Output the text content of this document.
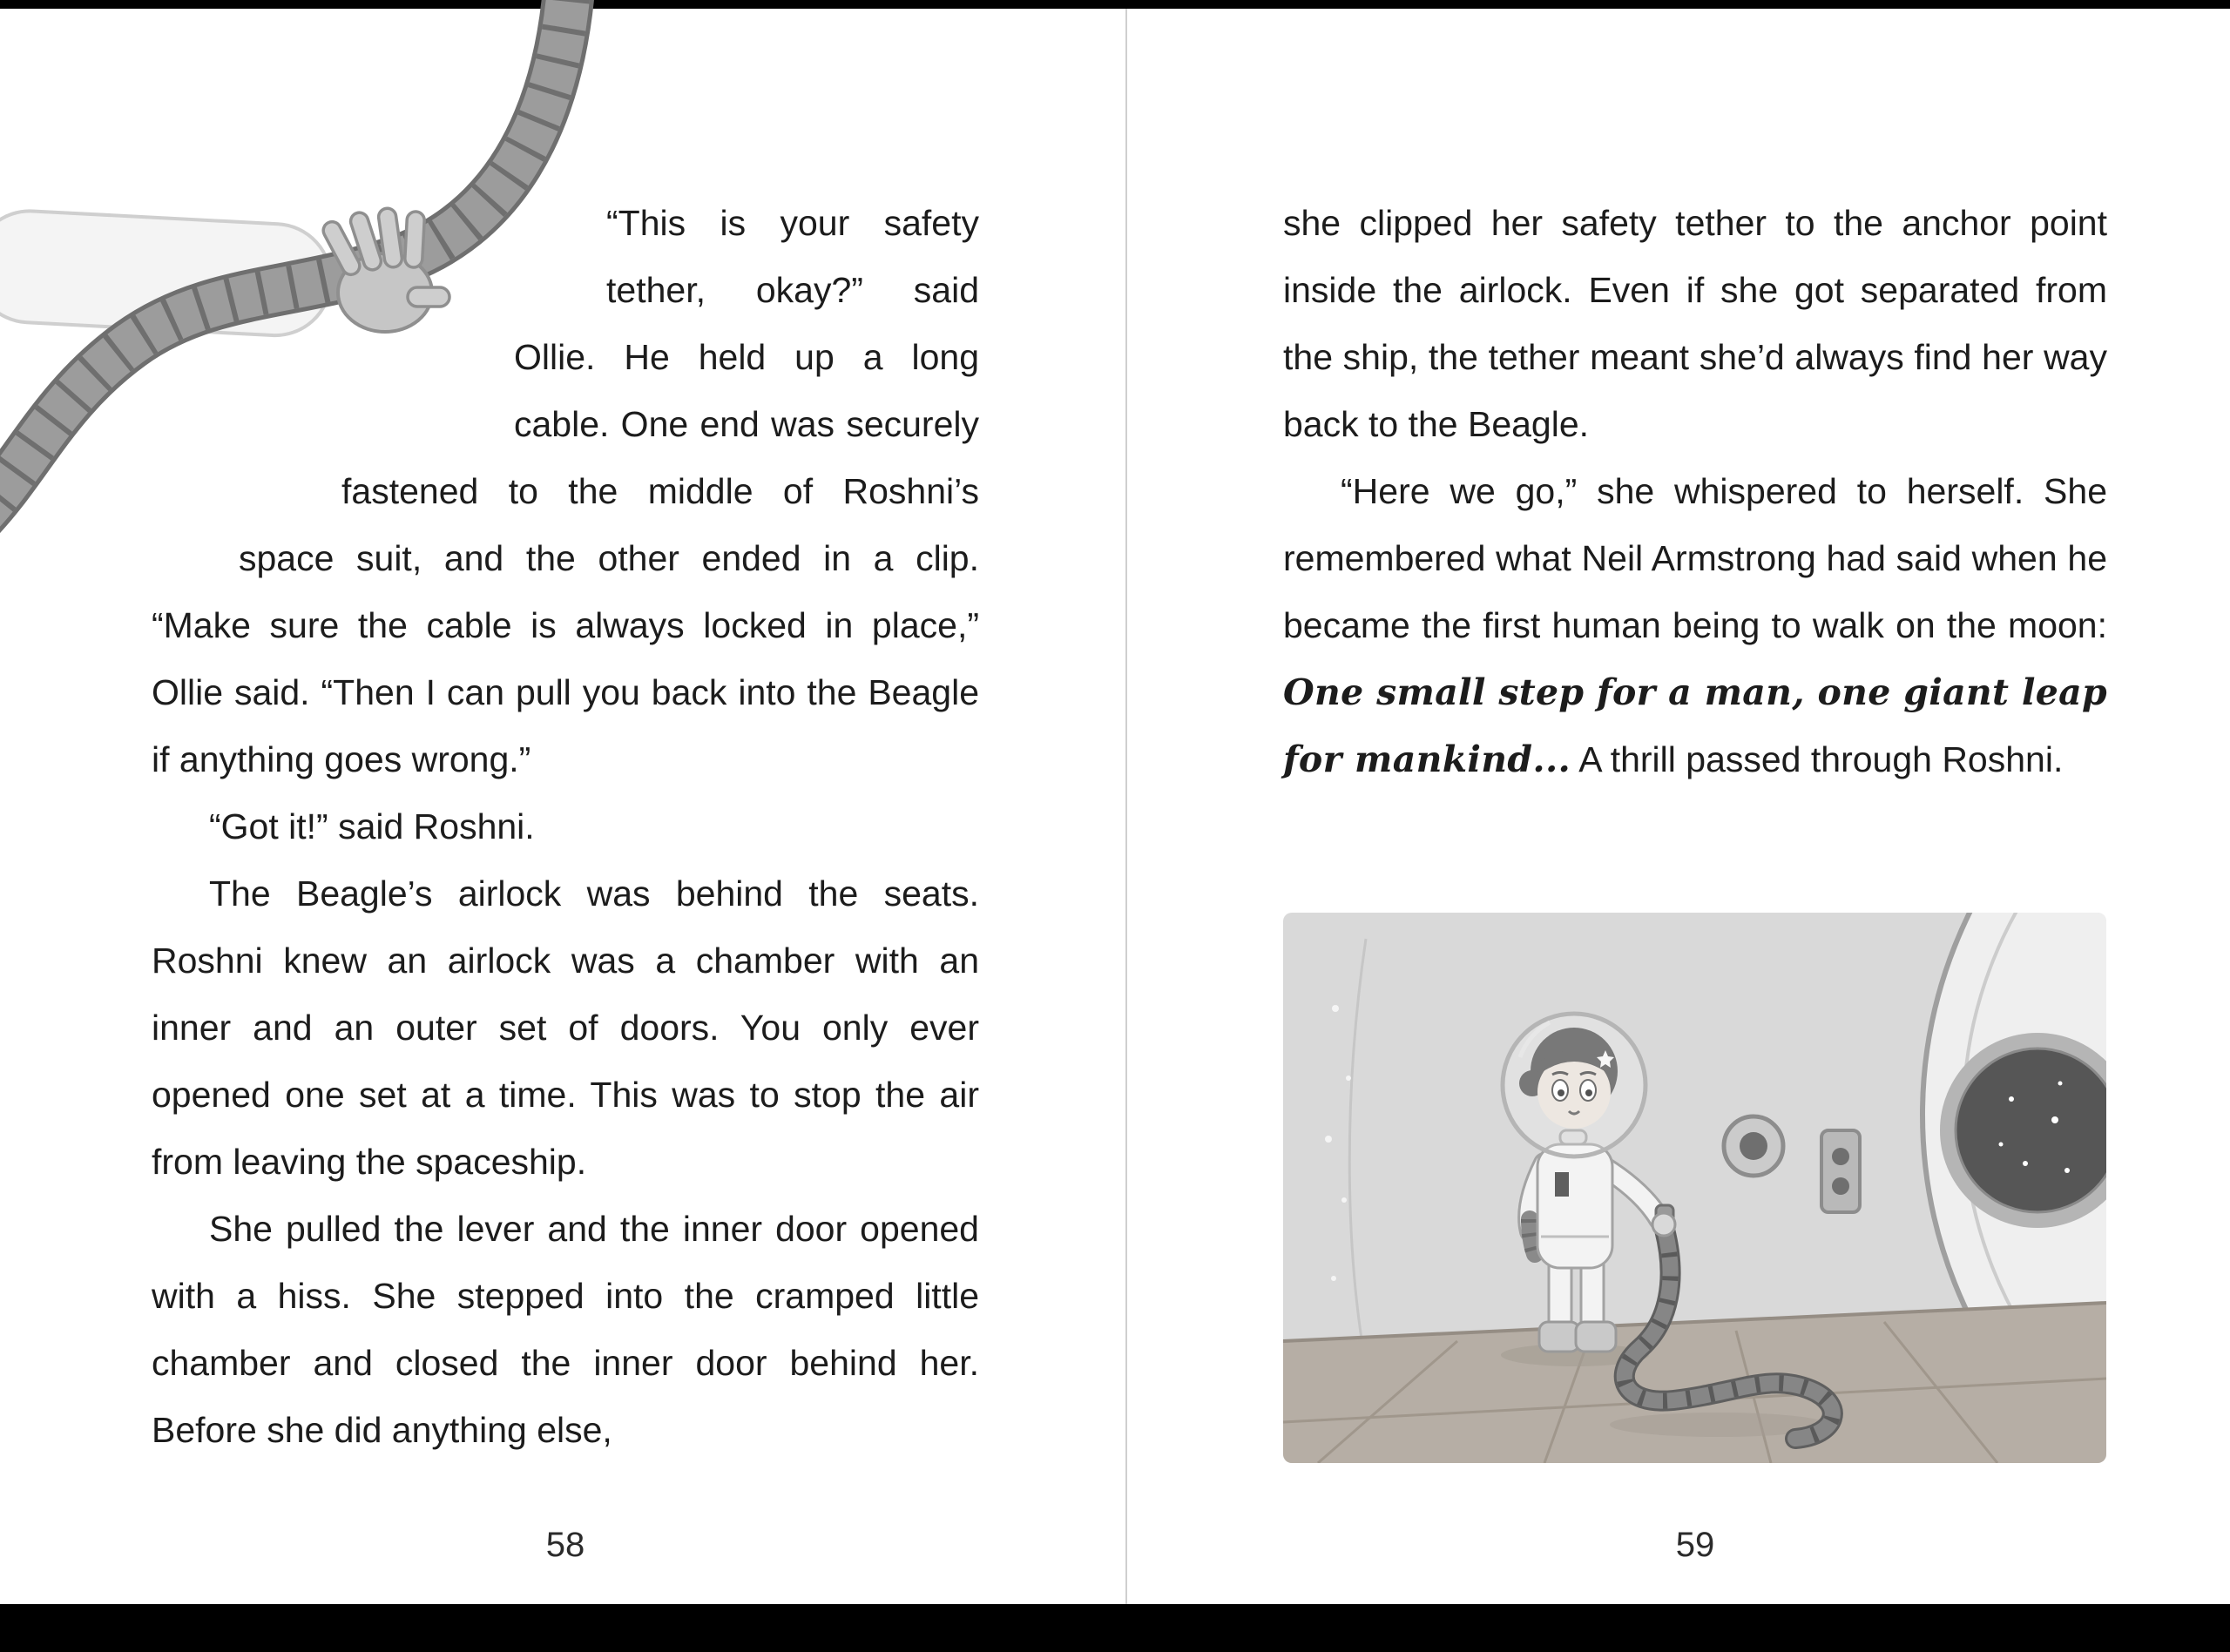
“This is your safety tether, okay?” said Ollie. He held up a long cable. One end was securely fastened to the middle of Roshni’s space suit, and the other ended in a clip. “Make sure the cable is always locked in place,” Ollie said. “Then I can pull you back into the Beagle if anything goes wrong.”

“Got it!” said Roshni.

The Beagle’s airlock was behind the seats. Roshni knew an airlock was a chamber with an inner and an outer set of doors. You only ever opened one set at a time. This was to stop the air from leaving the spaceship.

She pulled the lever and the inner door opened with a hiss. She stepped into the cramped little chamber and closed the inner door behind her. Before she did anything else,

58

she clipped her safety tether to the anchor point inside the airlock. Even if she got separated from the ship, the tether meant she’d always find her way back to the Beagle.

“Here we go,” she whispered to herself. She remembered what Neil Armstrong had said when he became the first human being to walk on the moon: One small step for a man, one giant leap for mankind... A thrill passed through Roshni.

59
